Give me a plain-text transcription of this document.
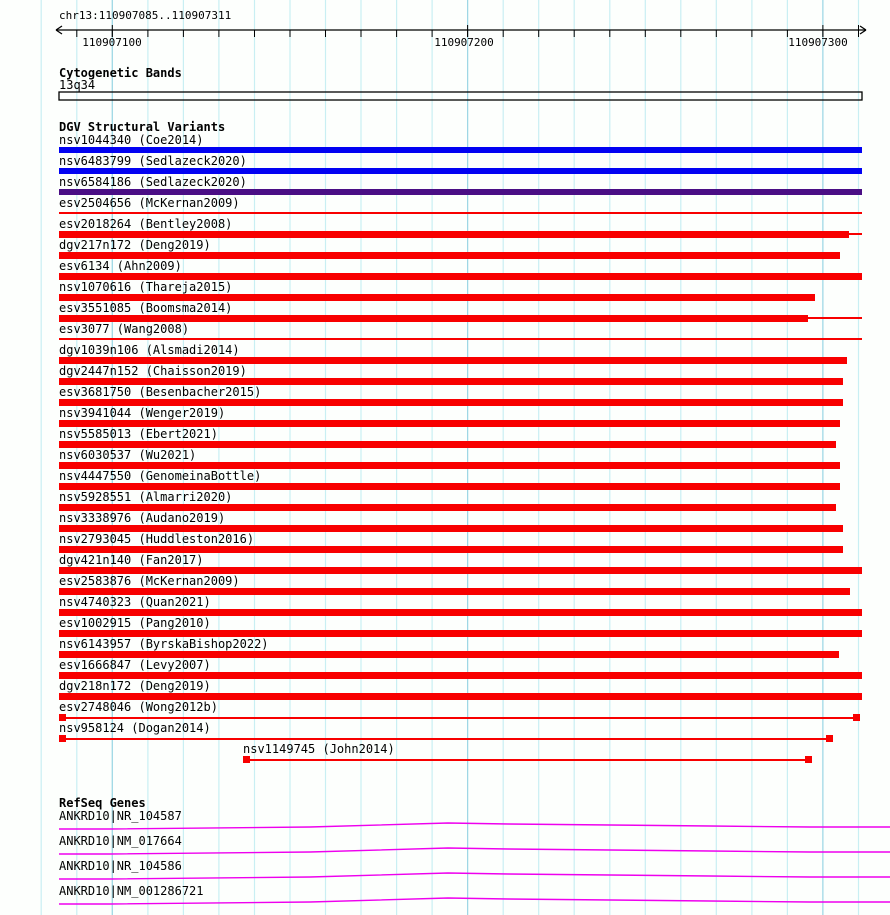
chr13:110907085..110907311
110907100	110907200	110907300
Cytogenetic Bands
13q34
DGV Structural Variants
nsv1044340 (Coe2014)
nsv6483799 (Sedlazeck2020)
nsv6584186 (Sedlazeck2020)
esv2504656 (McKernan2009)
esv2018264 (Bentley2008)
dgv217n172 (Deng2019)
esv6134 (Ahn2009)
nsv1070616 (Thareja2015)
esv3551085 (Boomsma2014)
esv3077 (Wang2008)
dgv1039n106 (Alsmadi2014)
dgv2447n152 (Chaisson2019)
esv3681750 (Besenbacher2015)
nsv3941044 (Wenger2019)
nsv5585013 (Ebert2021)
nsv6030537 (Wu2021)
nsv4447550 (GenomeinaBottle)
nsv5928551 (Almarri2020)
nsv3338976 (Audano2019)
nsv2793045 (Huddleston2016)
dgv421n140 (Fan2017)
esv2583876 (McKernan2009)
nsv4740323 (Quan2021)
esv1002915 (Pang2010)
nsv6143957 (ByrskaBishop2022)
esv1666847 (Levy2007)
dgv218n172 (Deng2019)
esv2748046 (Wong2012b)
nsv958124 (Dogan2014)
nsv1149745 (John2014)
RefSeq Genes
ANKRD10|NR_104587
ANKRD10|NM_017664
ANKRD10|NR_104586
ANKRD10|NM_001286721
